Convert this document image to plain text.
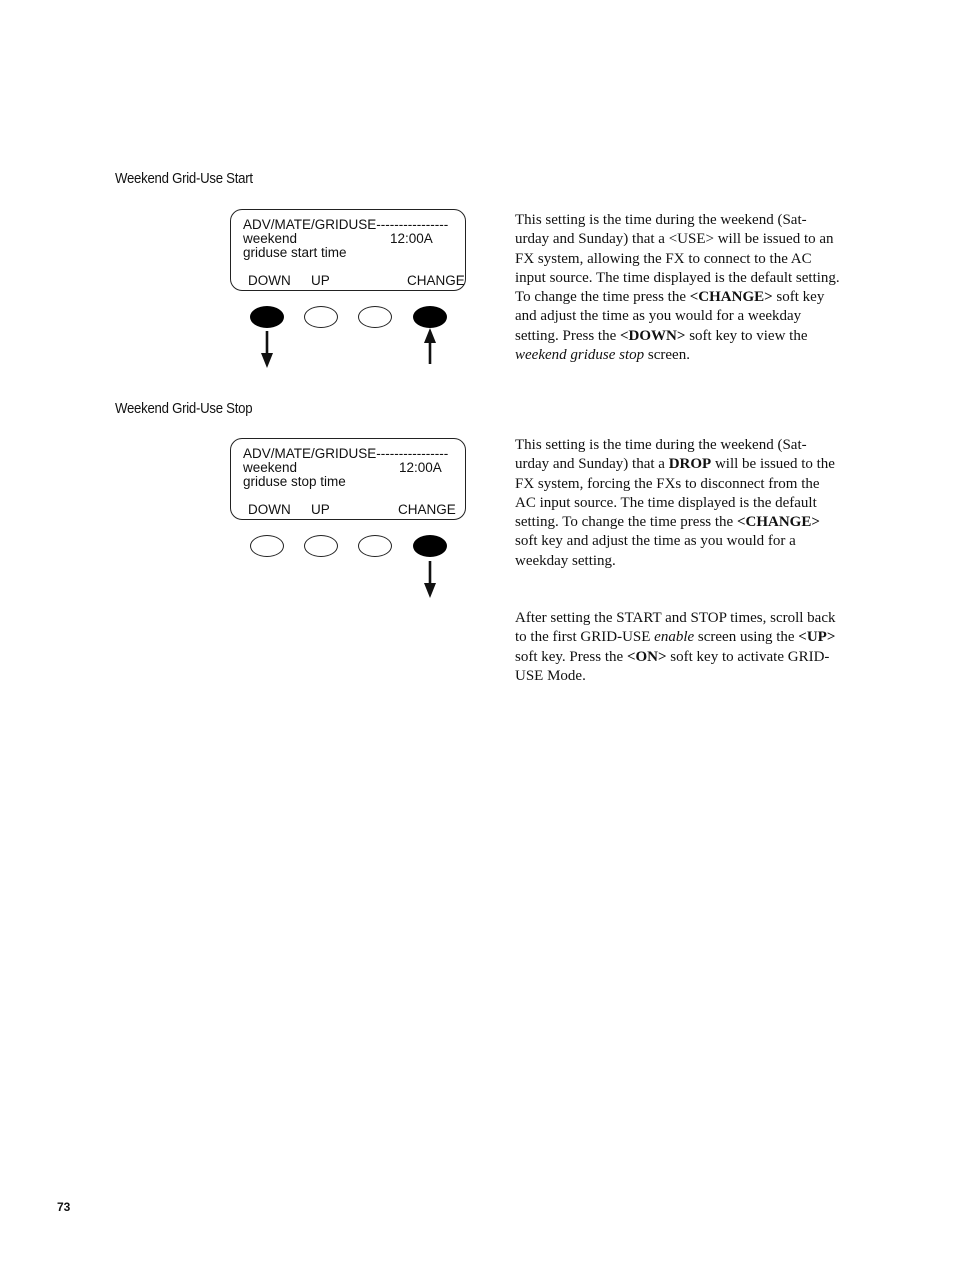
Weekend Grid-Use Start
ADV/MATE/GRIDUSE----------------
weekend	12:00A
griduse start time
DOWN UP	CHANGE

This setting is the time during the weekend (Sat-urday and Sunday) that a <USE> will be issued to an FX system, allowing the FX to connect to the AC input source. The time displayed is the default setting. To change the time press the <CHANGE> soft key and adjust the time as you would for a weekday setting. Press the <DOWN> soft key to view the weekend griduse stop screen.

Weekend Grid-Use Stop
ADV/MATE/GRIDUSE----------------
weekend	12:00A
griduse stop time
DOWN UP	CHANGE

This setting is the time during the weekend (Sat-urday and Sunday) that a DROP will be issued to the FX system, forcing the FXs to disconnect from the AC input source. The time displayed is the default setting. To change the time press the <CHANGE> soft key and adjust the time as you would for a weekday setting.

After setting the START and STOP times, scroll back to the first GRID-USE enable screen using the <UP> soft key. Press the <ON> soft key to activate GRID-USE Mode.

73
